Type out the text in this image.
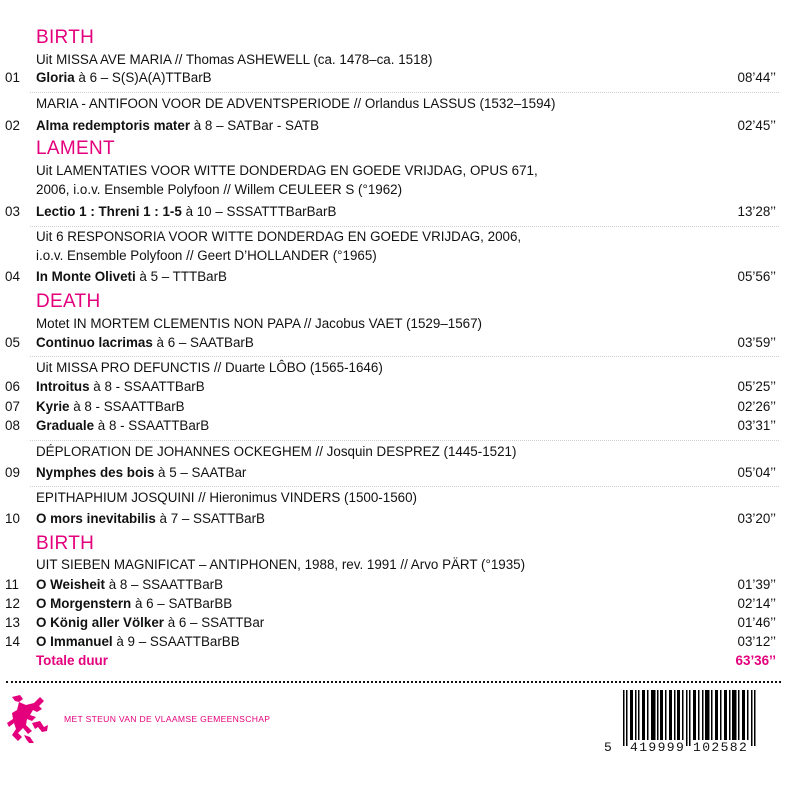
BIRTH
Uit MISSA AVE MARIA // Thomas ASHEWELL (ca. 1478–ca. 1518)
01	Gloria à 6 – S(S)A(A)TTBarB	08’44’’
MARIA - ANTIFOON VOOR DE ADVENTSPERIODE // Orlandus LASSUS (1532–1594)
02	Alma redemptoris mater à 8 – SATBar - SATB	02’45’’
LAMENT
Uit LAMENTATIES VOOR WITTE DONDERDAG EN GOEDE VRIJDAG, OPUS 671,
2006, i.o.v. Ensemble Polyfoon // Willem CEULEER S (°1962)
03	Lectio 1 : Threni 1 : 1-5 à 10 – SSSATTTBarBarB	13’28’’
Uit 6 RESPONSORIA VOOR WITTE DONDERDAG EN GOEDE VRIJDAG, 2006,
i.o.v. Ensemble Polyfoon // Geert D’HOLLANDER (°1965)
04	In Monte Oliveti à 5 – TTTBarB	05’56’’
DEATH
Motet IN MORTEM CLEMENTIS NON PAPA // Jacobus VAET (1529–1567)
05	Continuo lacrimas à 6 – SAATBarB	03’59’’
Uit MISSA PRO DEFUNCTIS // Duarte LÔBO (1565-1646)
06	Introitus à 8 - SSAATTBarB	05’25’’
07	Kyrie à 8 - SSAATTBarB	02’26’’
08	Graduale à 8 - SSAATTBarB	03’31’’
DÉPLORATION DE JOHANNES OCKEGHEM // Josquin DESPREZ (1445-1521)
09	Nymphes des bois à 5 – SAATBar	05’04’’
EPITHAPHIUM JOSQUINI // Hieronimus VINDERS (1500-1560)
10	O mors inevitabilis à 7 – SSATTBarB	03’20’’
BIRTH
UIT SIEBEN MAGNIFICAT – ANTIPHONEN, 1988, rev. 1991 // Arvo PÄRT (°1935)
11	O Weisheit à 8 – SSAATTBarB	01’39’’
12	O Morgenstern à 6 – SATBarBB	02’14’’
13	O König aller Völker à 6 – SSATTBar	01’46’’
14	O Immanuel à 9 – SSAATTBarBB	03’12’’
Totale duur	63’36’’
MET STEUN VAN DE VLAAMSE GEMEENSCHAP
5 419999 102582
